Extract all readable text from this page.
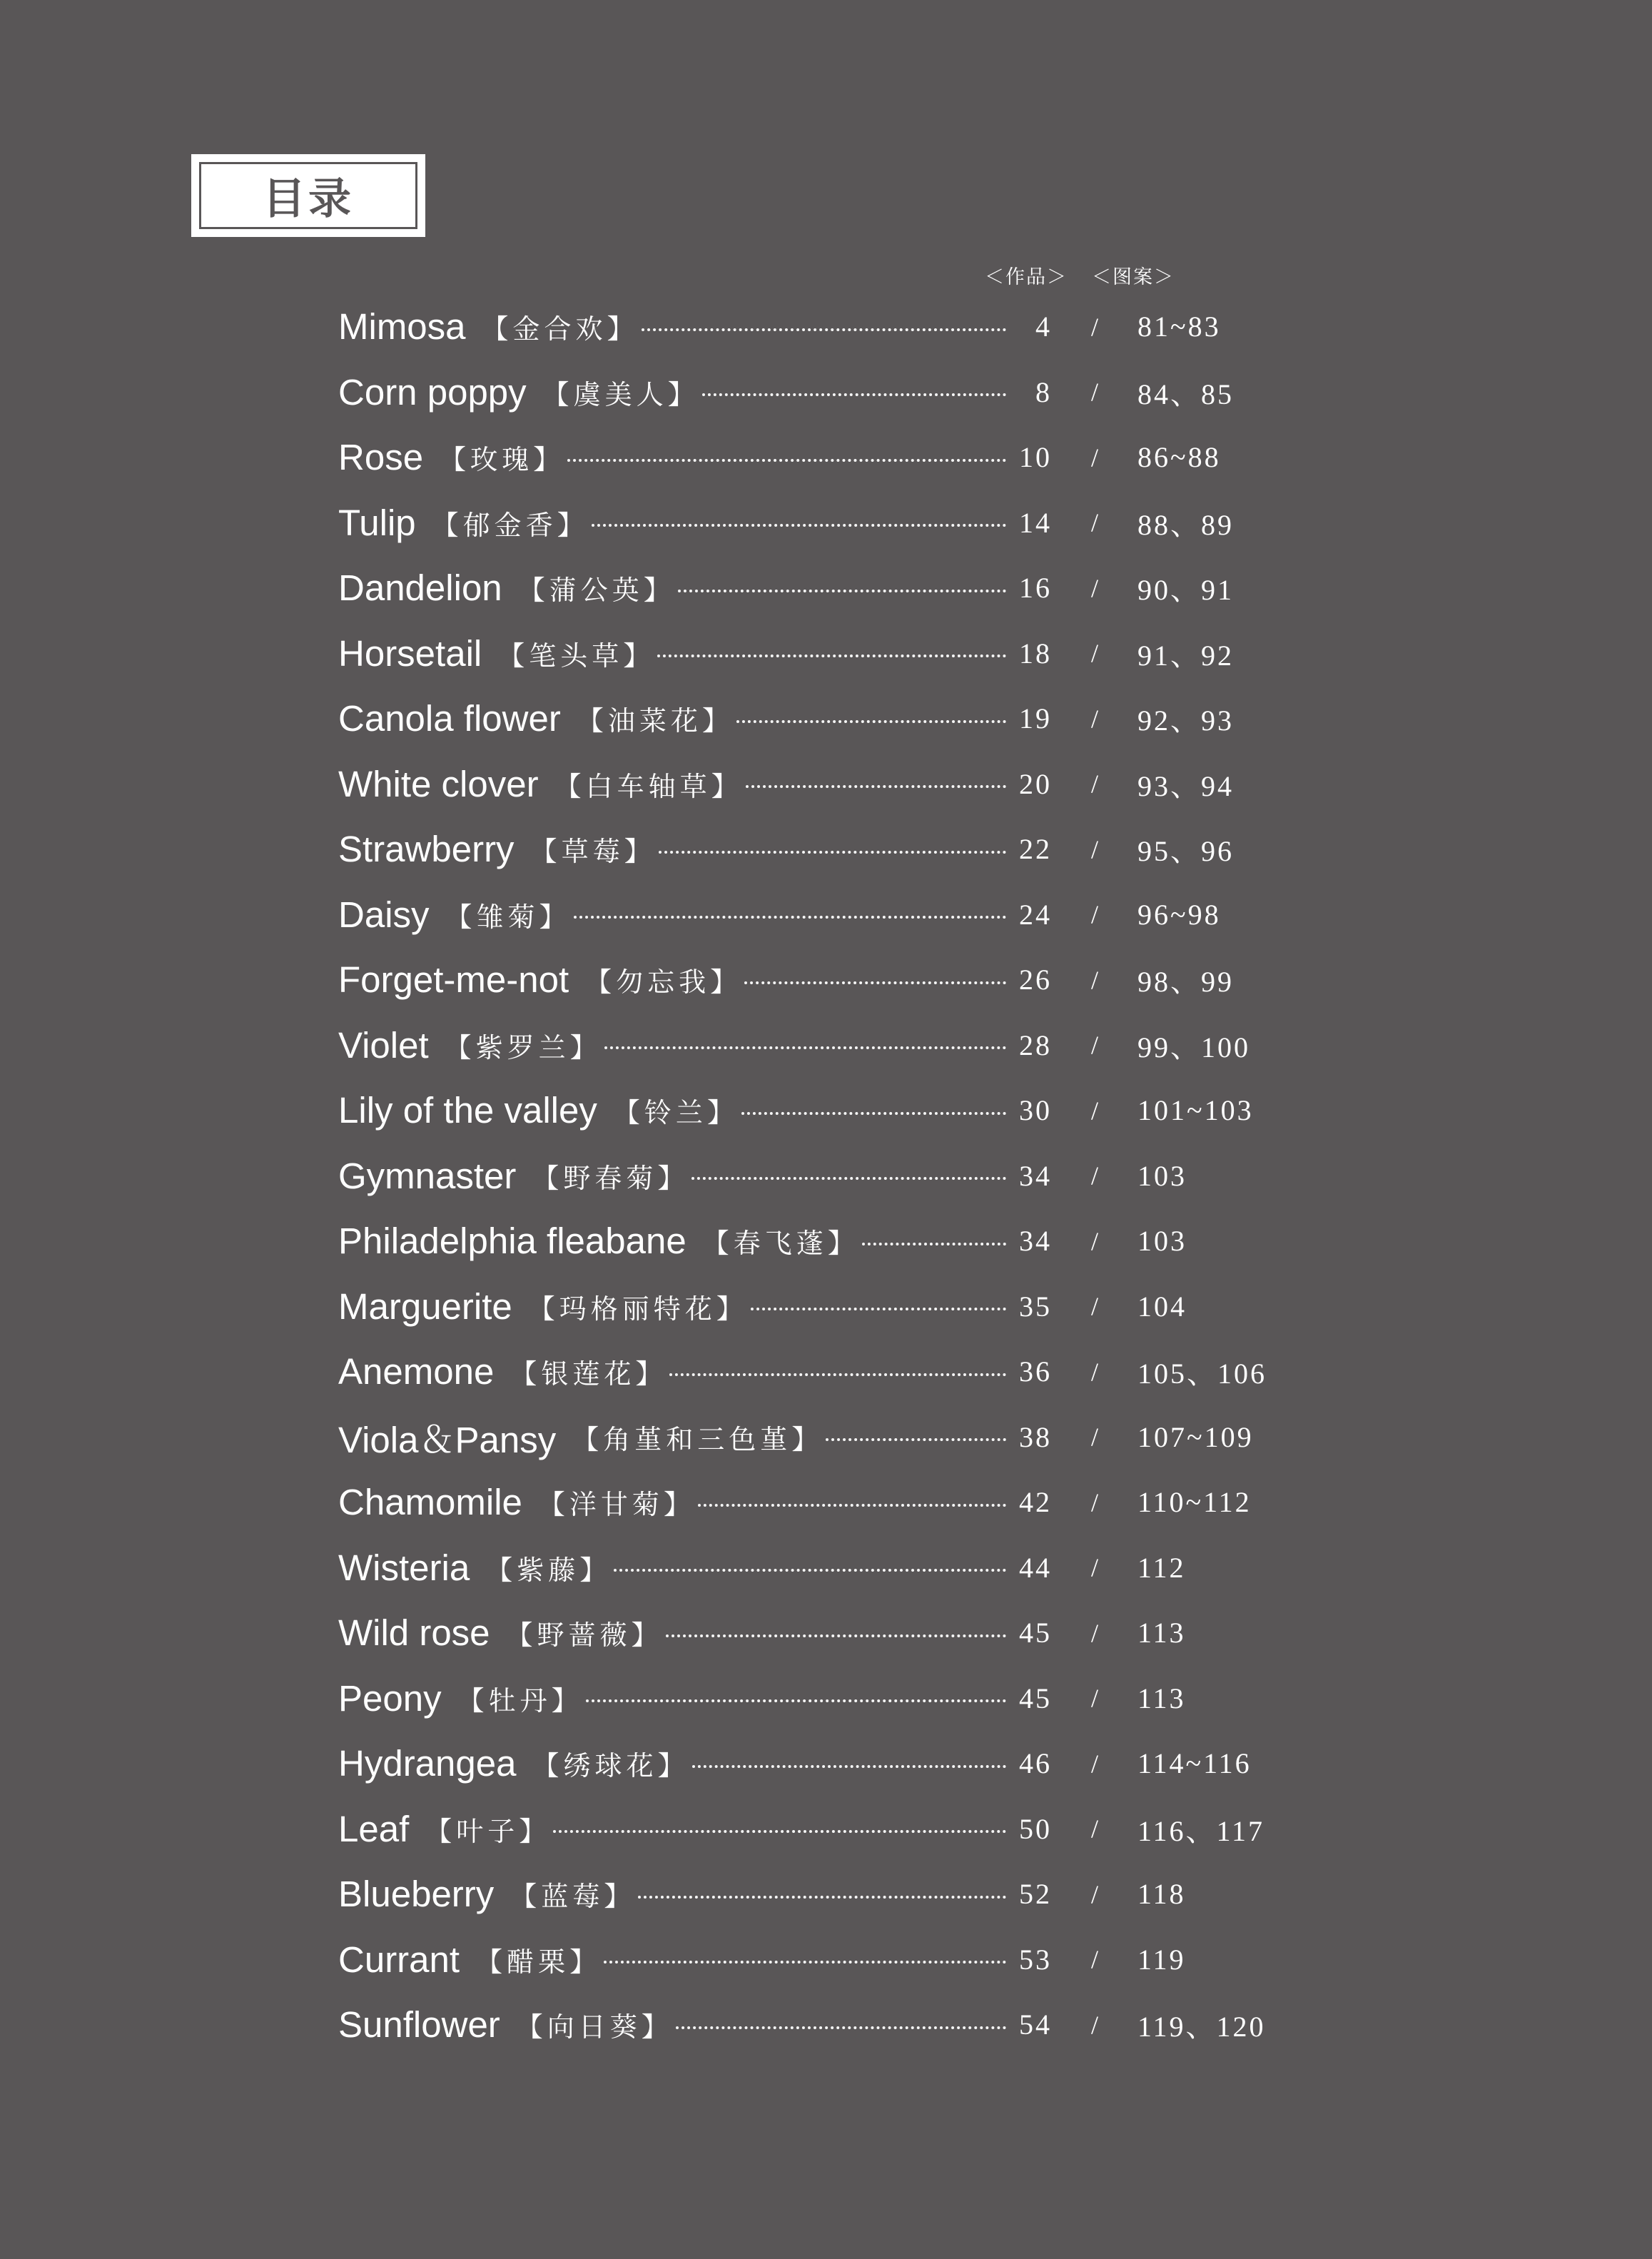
目录
＜作品＞ ＜图案＞
Mimosa 【金合欢】	4	/	81~83
Corn poppy 【虞美人】	8	/	84、85
Rose 【玫瑰】	10	/	86~88
Tulip 【郁金香】	14	/	88、89
Dandelion 【蒲公英】	16	/	90、91
Horsetail 【笔头草】	18	/	91、92
Canola flower 【油菜花】	19	/	92、93
White clover 【白车轴草】	20	/	93、94
Strawberry 【草莓】	22	/	95、96
Daisy 【雏菊】	24	/	96~98
Forget-me-not 【勿忘我】	26	/	98、99
Violet 【紫罗兰】	28	/	99、100
Lily of the valley 【铃兰】	30	/	101~103
Gymnaster 【野春菊】	34	/	103
Philadelphia fleabane 【春飞蓬】	34	/	103
Marguerite 【玛格丽特花】	35	/	104
Anemone 【银莲花】	36	/	105、106
Viola＆Pansy 【角堇和三色堇】	38	/	107~109
Chamomile 【洋甘菊】	42	/	110~112
Wisteria 【紫藤】	44	/	112
Wild rose 【野蔷薇】	45	/	113
Peony 【牡丹】	45	/	113
Hydrangea 【绣球花】	46	/	114~116
Leaf 【叶子】	50	/	116、117
Blueberry 【蓝莓】	52	/	118
Currant 【醋栗】	53	/	119
Sunflower 【向日葵】	54	/	119、120
